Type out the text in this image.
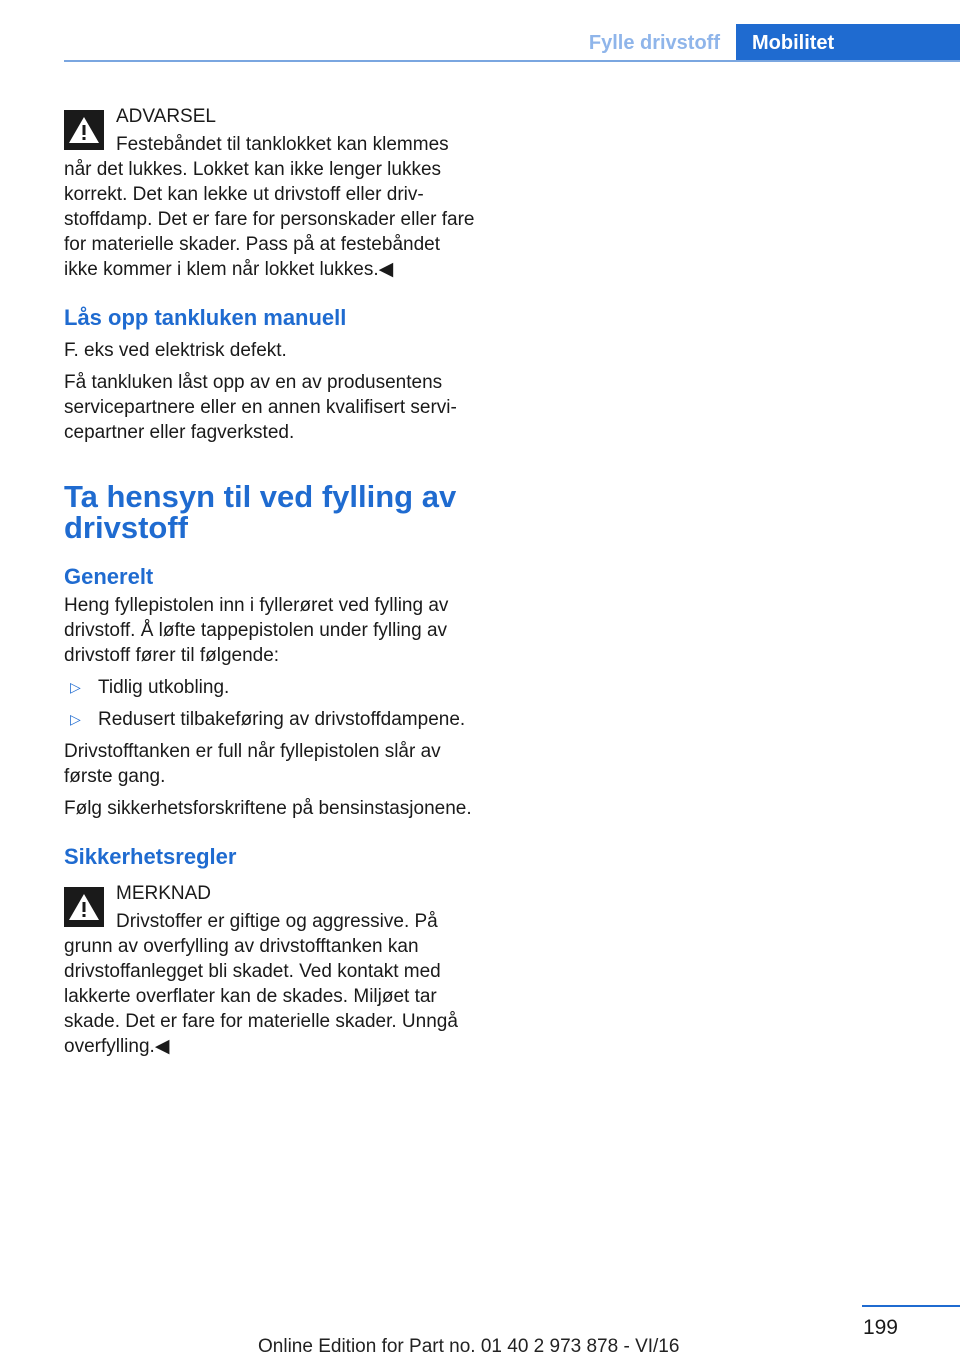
Fylle drivstoff	Mobilitet
ADVARSEL
Festebåndet til tanklokket kan klemmes
når det lukkes. Lokket kan ikke lenger lukkes korrekt. Det kan lekke ut drivstoff eller drivstoffdamp. Det er fare for personskader eller fare for materielle skader. Pass på at festebåndet ikke kommer i klem når lokket lukkes.◀
Lås opp tankluken manuell

F. eks ved elektrisk defekt.

Få tankluken låst opp av en av produsentens servicepartnere eller en annen kvalifisert servicepartner eller fagverksted.

Ta hensyn til ved fylling av drivstoff
Generelt

Heng fyllepistolen inn i fyllerøret ved fylling av drivstoff. Å løfte tappepistolen under fylling av drivstoff fører til følgende:

▷ Tidlig utkobling.
▷ Redusert tilbakeføring av drivstoffdampene.

Drivstofftanken er full når fyllepistolen slår av første gang.

Følg sikkerhetsforskriftene på bensinstasjonene.

Sikkerhetsregler
MERKNAD
Drivstoffer er giftige og aggressive. På
grunn av overfylling av drivstofftanken kan drivstoffanlegget bli skadet. Ved kontakt med lakkerte overflater kan de skades. Miljøet tar skade. Det er fare for materielle skader. Unngå overfylling.◀
199
Online Edition for Part no. 01 40 2 973 878 - VI/16
